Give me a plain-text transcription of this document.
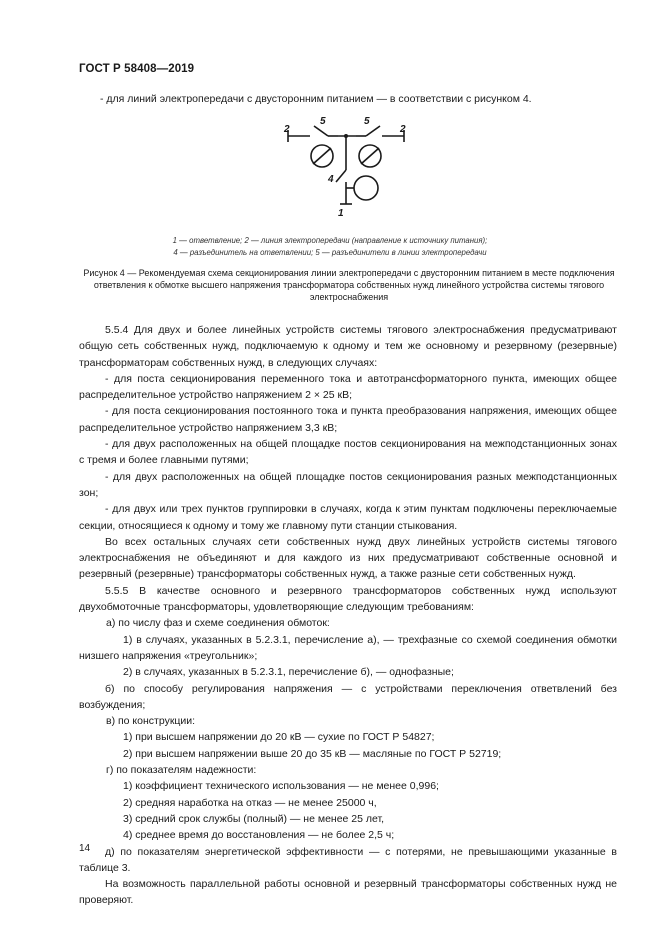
ГОСТ Р 58408—2019
- для линий электропередачи с двусторонним питанием — в соответствии с рисунком 4.
2
5	5
2
4
1
1 — ответвление; 2 — линия электропередачи (направление к источнику питания);
4 — разъединитель на ответвлении; 5 — разъединители в линии электропередачи
Рисунок 4 — Рекомендуемая схема секционирования линии электропередачи с двусторонним питанием в месте подключения ответвления к обмотке высшего напряжения трансформатора собственных нужд линейного устройства системы тягового электроснабжения

5.5.4 Для двух и более линейных устройств системы тягового электроснабжения предусматривают общую сеть собственных нужд, подключаемую к одному и тем же основному и резервному (резервные) трансформаторам собственных нужд, в следующих случаях:

- для поста секционирования переменного тока и автотрансформаторного пункта, имеющих общее распределительное устройство напряжением 2 × 25 кВ;

- для поста секционирования постоянного тока и пункта преобразования напряжения, имеющих общее распределительное устройство напряжением 3,3 кВ;

- для двух расположенных на общей площадке постов секционирования на межподстанционных зонах с тремя и более главными путями;

- для двух расположенных на общей площадке постов секционирования разных межподстанционных зон;

- для двух или трех пунктов группировки в случаях, когда к этим пунктам подключены переключаемые секции, относящиеся к одному и тому же главному пути станции стыкования.

Во всех остальных случаях сети собственных нужд двух линейных устройств системы тягового электроснабжения не объединяют и для каждого из них предусматривают собственные основной и резервный (резервные) трансформаторы собственных нужд, а также разные сети собственных нужд.

5.5.5 В качестве основного и резервного трансформаторов собственных нужд используют двухобмоточные трансформаторы, удовлетворяющие следующим требованиям:

а) по числу фаз и схеме соединения обмоток:

1) в случаях, указанных в 5.2.3.1, перечисление а), — трехфазные со схемой соединения обмотки низшего напряжения «треугольник»;

2) в случаях, указанных в 5.2.3.1, перечисление б), — однофазные;

б) по способу регулирования напряжения — с устройствами переключения ответвлений без возбуждения;

в) по конструкции:

1) при высшем напряжении до 20 кВ — сухие по ГОСТ Р 54827;

2) при высшем напряжении выше 20 до 35 кВ — масляные по ГОСТ Р 52719;

г) по показателям надежности:

1) коэффициент технического использования — не менее 0,996;

2) средняя наработка на отказ — не менее 25000 ч,

3) средний срок службы (полный) — не менее 25 лет,

4) среднее время до восстановления — не более 2,5 ч;

д) по показателям энергетической эффективности — с потерями, не превышающими указанные в таблице 3.

На возможность параллельной работы основной и резервный трансформаторы собственных нужд не проверяют.

14
